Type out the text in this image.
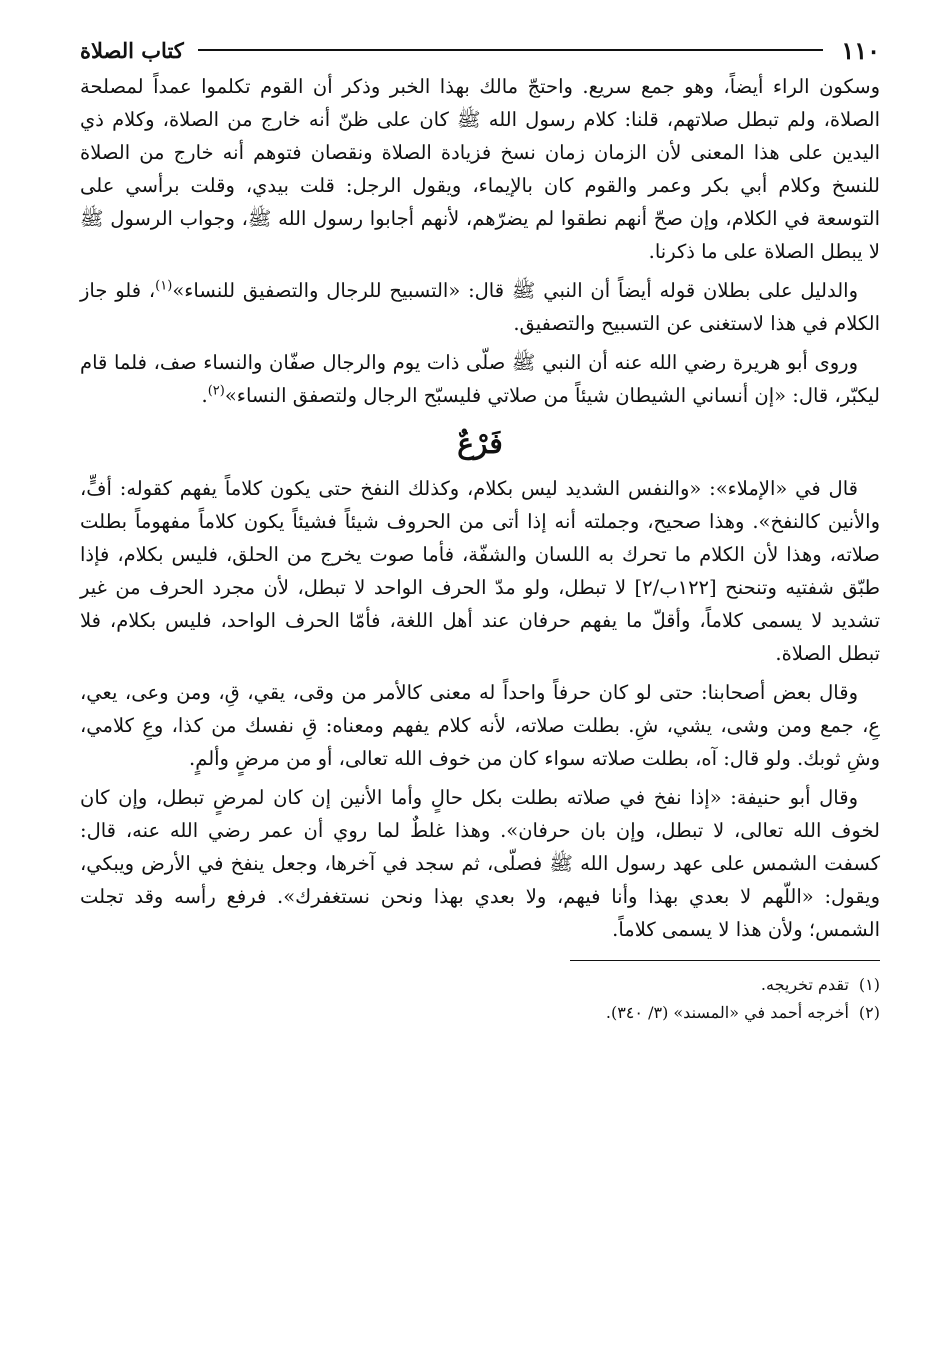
١١٠
كتاب الصلاة

وسكون الراء أيضاً، وهو جمع سريع. واحتجّ مالك بهذا الخبر وذكر أن القوم تكلموا عمداً لمصلحة الصلاة، ولم تبطل صلاتهم، قلنا: كلام رسول الله ﷺ كان على ظنّ أنه خارج من الصلاة، وكلام ذي اليدين على هذا المعنى لأن الزمان زمان نسخ فزيادة الصلاة ونقصان فتوهم أنه خارج من الصلاة للنسخ وكلام أبي بكر وعمر والقوم كان بالإيماء، ويقول الرجل: قلت بيدي، وقلت برأسي على التوسعة في الكلام، وإن صحّ أنهم نطقوا لم يضرّهم، لأنهم أجابوا رسول الله ﷺ، وجواب الرسول ﷺ لا يبطل الصلاة على ما ذكرنا.

والدليل على بطلان قوله أيضاً أن النبي ﷺ قال: «التسبيح للرجال والتصفيق للنساء»$^{(١)}$، فلو جاز الكلام في هذا لاستغنى عن التسبيح والتصفيق.

وروى أبو هريرة رضي الله عنه أن النبي ﷺ صلّى ذات يوم والرجال صفّان والنساء صف، فلما قام ليكبّر، قال: «إن أنساني الشيطان شيئاً من صلاتي فليسبّح الرجال ولتصفق النساء»$^{(٢)}$.

فَرْعٌ

قال في «الإملاء»: «والنفس الشديد ليس بكلام، وكذلك النفخ حتى يكون كلاماً يفهم كقوله: أفٍّ، والأنين كالنفخ». وهذا صحيح، وجملته أنه إذا أتى من الحروف شيئاً فشيئاً يكون كلاماً مفهوماً بطلت صلاته، وهذا لأن الكلام ما تحرك به اللسان والشفّة، فأما صوت يخرج من الحلق، فليس بكلام، فإذا طبّق شفتيه وتنحنح [١٢٢ب/٢] لا تبطل، ولو مدّ الحرف الواحد لا تبطل، لأن مجرد الحرف من غير تشديد لا يسمى كلاماً، وأقلّ ما يفهم حرفان عند أهل اللغة، فأمّا الحرف الواحد، فليس بكلام، فلا تبطل الصلاة.

وقال بعض أصحابنا: حتى لو كان حرفاً واحداً له معنى كالأمر من وقى، يقي، قِ، ومن وعى، يعي، عِ، جمع ومن وشى، يشي، شِ. بطلت صلاته، لأنه كلام يفهم ومعناه: قِ نفسك من كذا، وعِ كلامي، وشِ ثوبك. ولو قال: آه، بطلت صلاته سواء كان من خوف الله تعالى، أو من مرضٍ وألمٍ.

وقال أبو حنيفة: «إذا نفخ في صلاته بطلت بكل حالٍ وأما الأنين إن كان لمرضٍ تبطل، وإن كان لخوف الله تعالى، لا تبطل، وإن بان حرفان». وهذا غلطٌ لما روي أن عمر رضي الله عنه، قال: كسفت الشمس على عهد رسول الله ﷺ فصلّى، ثم سجد في آخرها، وجعل ينفخ في الأرض ويبكي، ويقول: «اللّهم لا بعدي بهذا وأنا فيهم، ولا بعدي بهذا ونحن نستغفرك». فرفع رأسه وقد تجلت الشمس؛ ولأن هذا لا يسمى كلاماً.

(١)
تقدم تخريجه.
(٢)
أخرجه أحمد في «المسند» (٣/ ٣٤٠).
